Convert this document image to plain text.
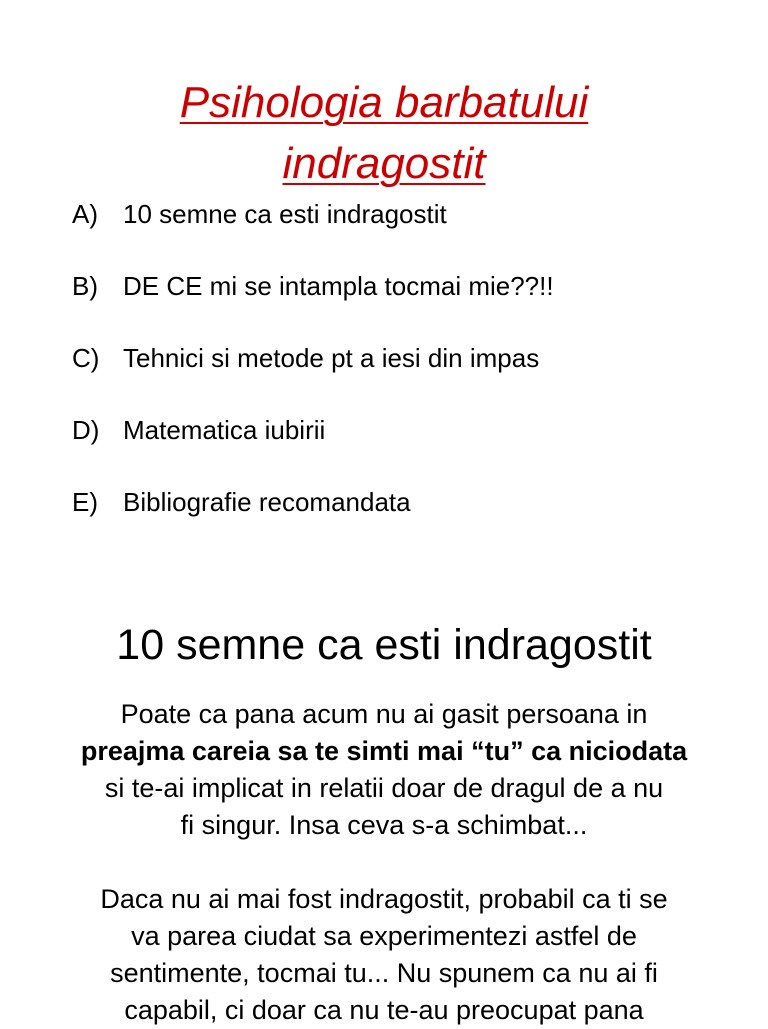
Psihologia barbatului
indragostit
A) 10 semne ca esti indragostit
B) DE CE mi se intampla tocmai mie??!!
C) Tehnici si metode pt a iesi din impas
D) Matematica iubirii
E) Bibliografie recomandata
10 semne ca esti indragostit
Poate ca pana acum nu ai gasit persoana in
preajma careia sa te simti mai “tu” ca niciodata
si te-ai implicat in relatii doar de dragul de a nu
fi singur. Insa ceva s-a schimbat...
Daca nu ai mai fost indragostit, probabil ca ti se
va parea ciudat sa experimentezi astfel de
sentimente, tocmai tu... Nu spunem ca nu ai fi
capabil, ci doar ca nu te-au preocupat pana
